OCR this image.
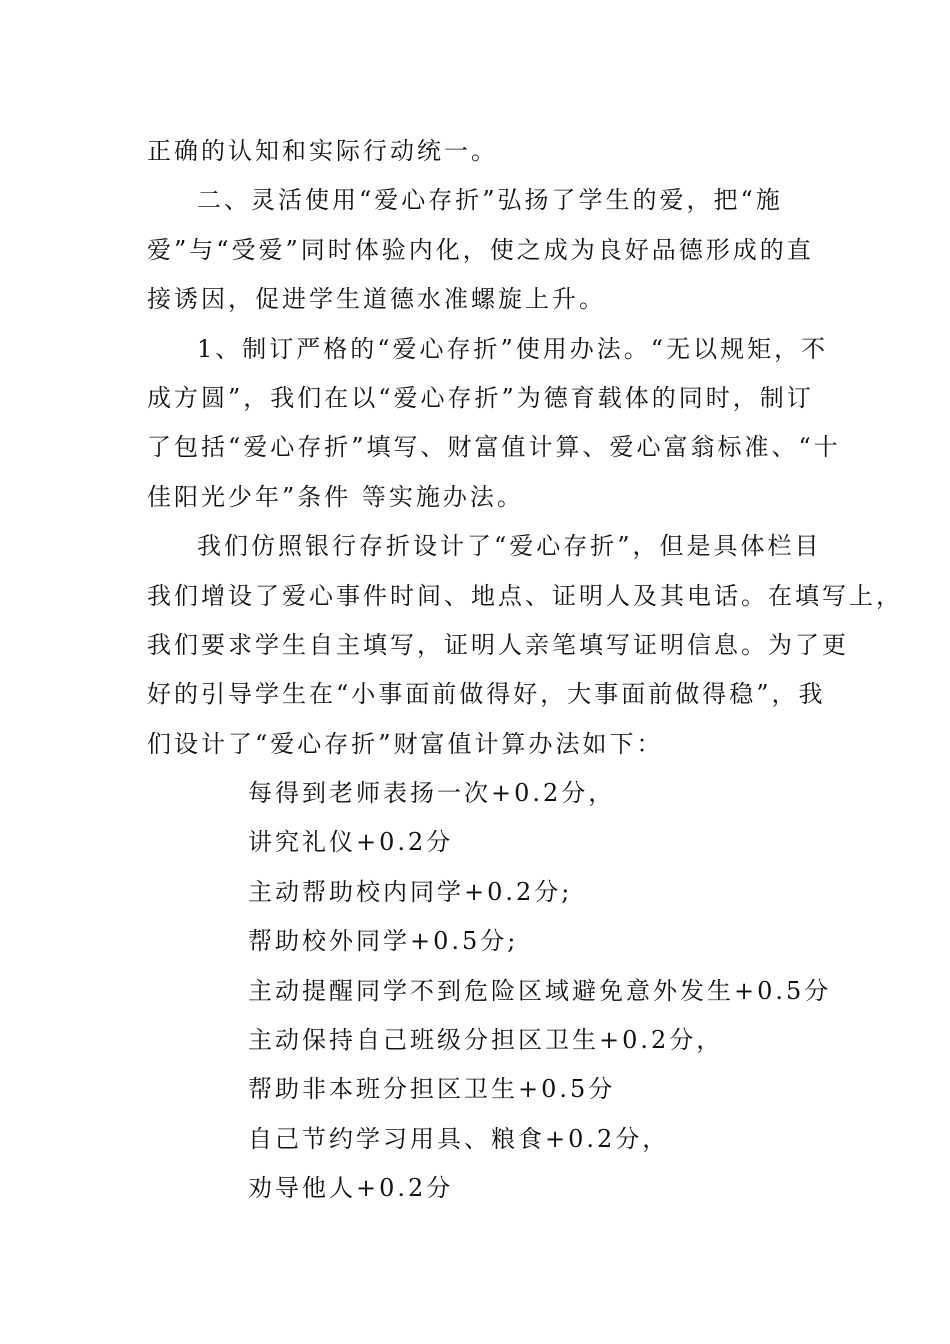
正确的认知和实际行动统一。
二、灵活使用“爱心存折”弘扬了学生的爱，把“施
爱”与“受爱”同时体验内化，使之成为良好品德形成的直
接诱因，促进学生道德水准螺旋上升。
1、制订严格的“爱心存折”使用办法。“无以规矩，不
成方圆”，我们在以“爱心存折”为德育载体的同时，制订
了包括“爱心存折”填写、财富值计算、爱心富翁标准、“十
佳阳光少年”条件 等实施办法。
我们仿照银行存折设计了“爱心存折”，但是具体栏目
我们增设了爱心事件时间、地点、证明人及其电话。在填写上，
我们要求学生自主填写，证明人亲笔填写证明信息。为了更
好的引导学生在“小事面前做得好，大事面前做得稳”，我
们设计了“爱心存折”财富值计算办法如下：
每得到老师表扬一次+0.2分，
讲究礼仪+0.2分
主动帮助校内同学+0.2分;
帮助校外同学+0.5分;
主动提醒同学不到危险区域避免意外发生+0.5分
主动保持自己班级分担区卫生+0.2分，
帮助非本班分担区卫生+0.5分
自己节约学习用具、粮食+0.2分，
劝导他人+0.2分
